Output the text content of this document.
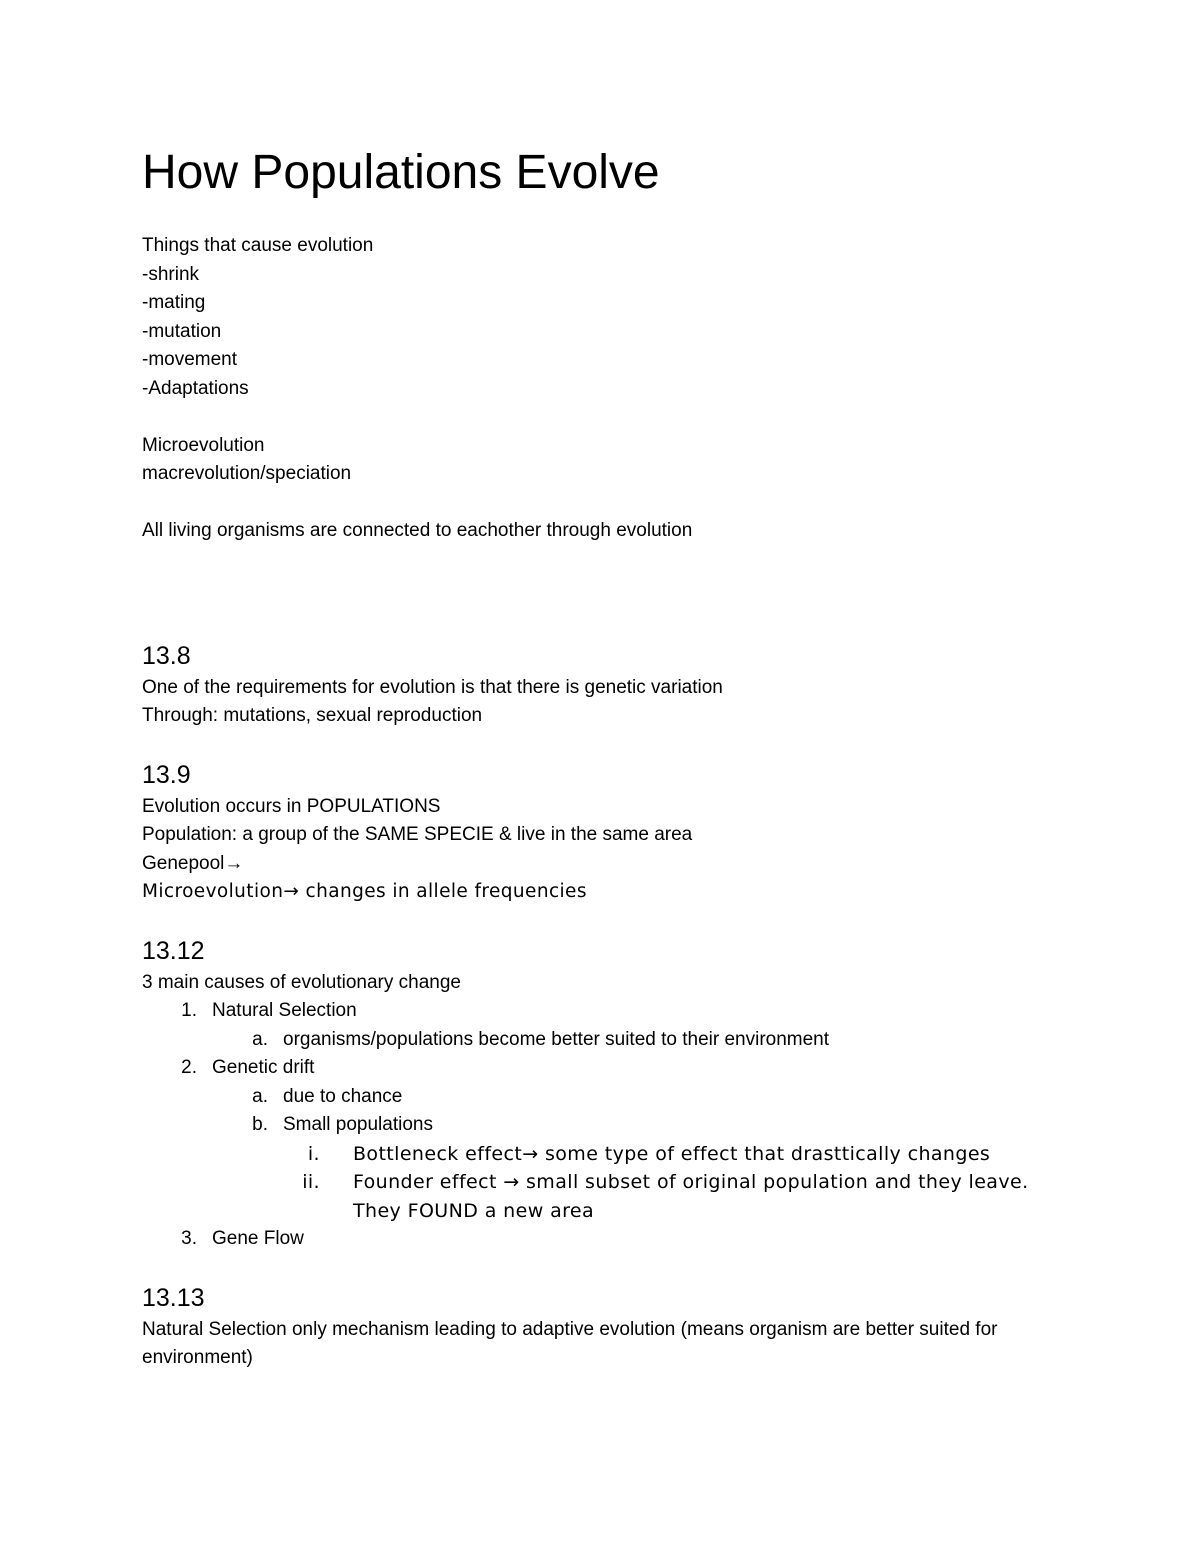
How Populations Evolve

Things that cause evolution

-shrink

-mating

-mutation

-movement

-Adaptations

Microevolution

macrevolution/speciation

All living organisms are connected to eachother through evolution

13.8

One of the requirements for evolution is that there is genetic variation

Through: mutations, sexual reproduction

13.9

Evolution occurs in POPULATIONS

Population: a group of the SAME SPECIE & live in the same area

Genepool→

Microevolution→ changes in allele frequencies

13.12

3 main causes of evolutionary change

1. Natural Selection
a. organisms/populations become better suited to their environment
2. Genetic drift
a. due to chance
b. Small populations
i. Bottleneck effect→ some type of effect that drasttically changes
ii. Founder effect → small subset of original population and they leave. They FOUND a new area
3. Gene Flow
13.13

Natural Selection only mechanism leading to adaptive evolution (means organism are better suited for environment)
